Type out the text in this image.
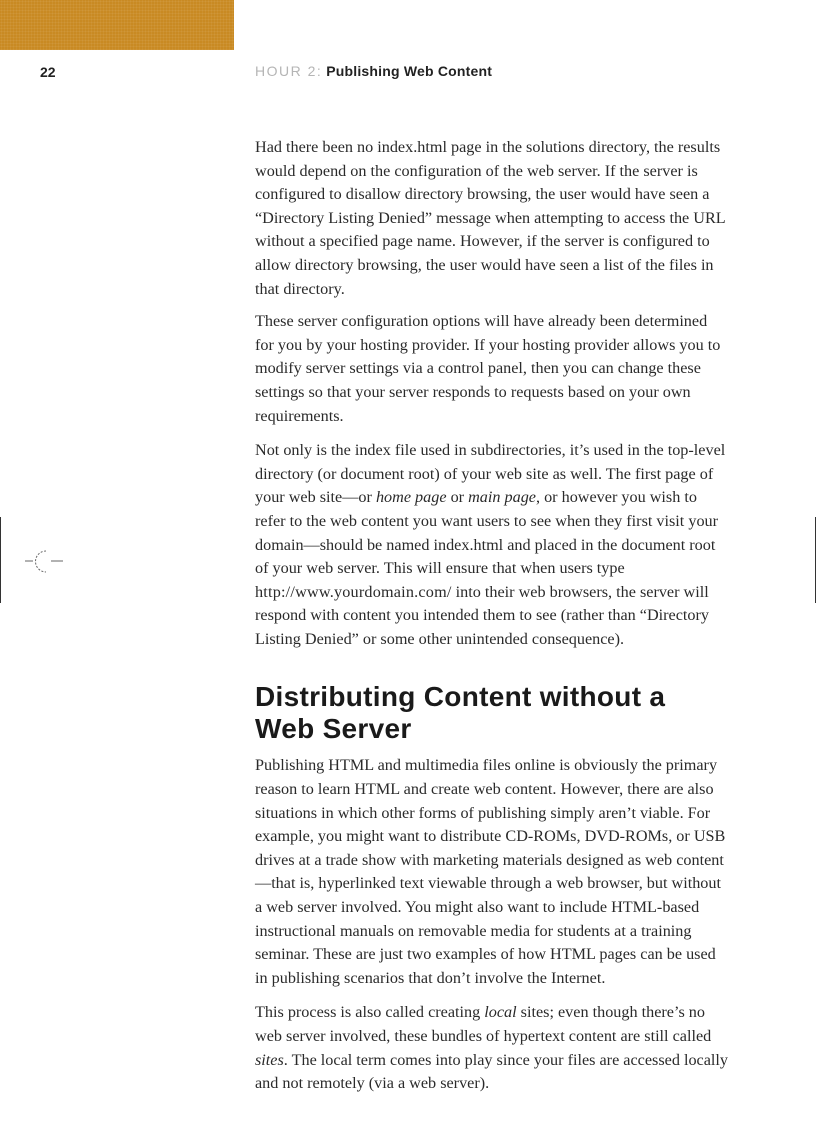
22	HOUR 2: Publishing Web Content

Had there been no index.html page in the solutions directory, the results would depend on the configuration of the web server. If the server is configured to disallow directory browsing, the user would have seen a “Directory Listing Denied” message when attempting to access the URL without a specified page name. However, if the server is configured to allow directory browsing, the user would have seen a list of the files in that directory.

These server configuration options will have already been determined for you by your hosting provider. If your hosting provider allows you to modify server settings via a control panel, then you can change these settings so that your server responds to requests based on your own requirements.

Not only is the index file used in subdirectories, it’s used in the top-level directory (or document root) of your web site as well. The first page of your web site—or home page or main page, or however you wish to refer to the web content you want users to see when they first visit your domain—should be named index.html and placed in the document root of your web server. This will ensure that when users type
http://www.yourdomain.com/ into their web browsers, the server will respond with content you intended them to see (rather than “Directory Listing Denied” or some other unintended consequence).

Distributing Content without a Web Server

Publishing HTML and multimedia files online is obviously the primary reason to learn HTML and create web content. However, there are also situations in which other forms of publishing simply aren’t viable. For example, you might want to distribute CD-ROMs, DVD-ROMs, or USB drives at a trade show with marketing materials designed as web content—that is, hyperlinked text viewable through a web browser, but without a web server involved. You might also want to include HTML-based instructional manuals on removable media for students at a training seminar. These are just two examples of how HTML pages can be used in publishing scenarios that don’t involve the Internet.

This process is also called creating local sites; even though there’s no web server involved, these bundles of hypertext content are still called sites. The local term comes into play since your files are accessed locally and not remotely (via a web server).
